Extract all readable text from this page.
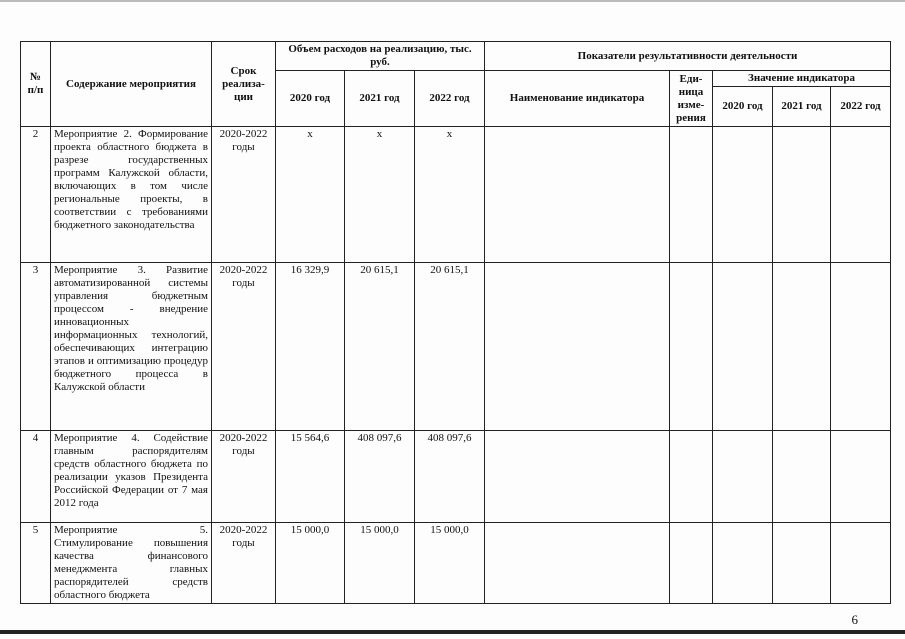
№ п/п	Содержание мероприятия	Срок реализа-ции	Объем расходов на реализацию, тыс. руб.			Показатели результативности деятельности				
			2020 год	2021 год	2022 год	Наименование индикатора	Еди-ница изме-рения	Значение индикатора		
								2020 год	2021 год	2022 год
2	Мероприятие 2. Формирование проекта областного бюджета в разрезе государственных программ Калужской области, включающих в том числе региональные проекты, в соответствии с требованиями бюджетного законодательства	2020-2022 годы	х	х	х					
3	Мероприятие 3. Развитие автоматизированной системы управления бюджетным процессом - внедрение инновационных информационных технологий, обеспечивающих интеграцию этапов и оптимизацию процедур бюджетного процесса в Калужской области	2020-2022 годы	16 329,9	20 615,1	20 615,1					
4	Мероприятие 4. Содействие главным распорядителям средств областного бюджета по реализации указов Президента Российской Федерации от 7 мая 2012 года	2020-2022 годы	15 564,6	408 097,6	408 097,6					
5	Мероприятие 5. Стимулирование повышения качества финансового менеджмента главных распорядителей средств областного бюджета	2020-2022 годы	15 000,0	15 000,0	15 000,0					
6
